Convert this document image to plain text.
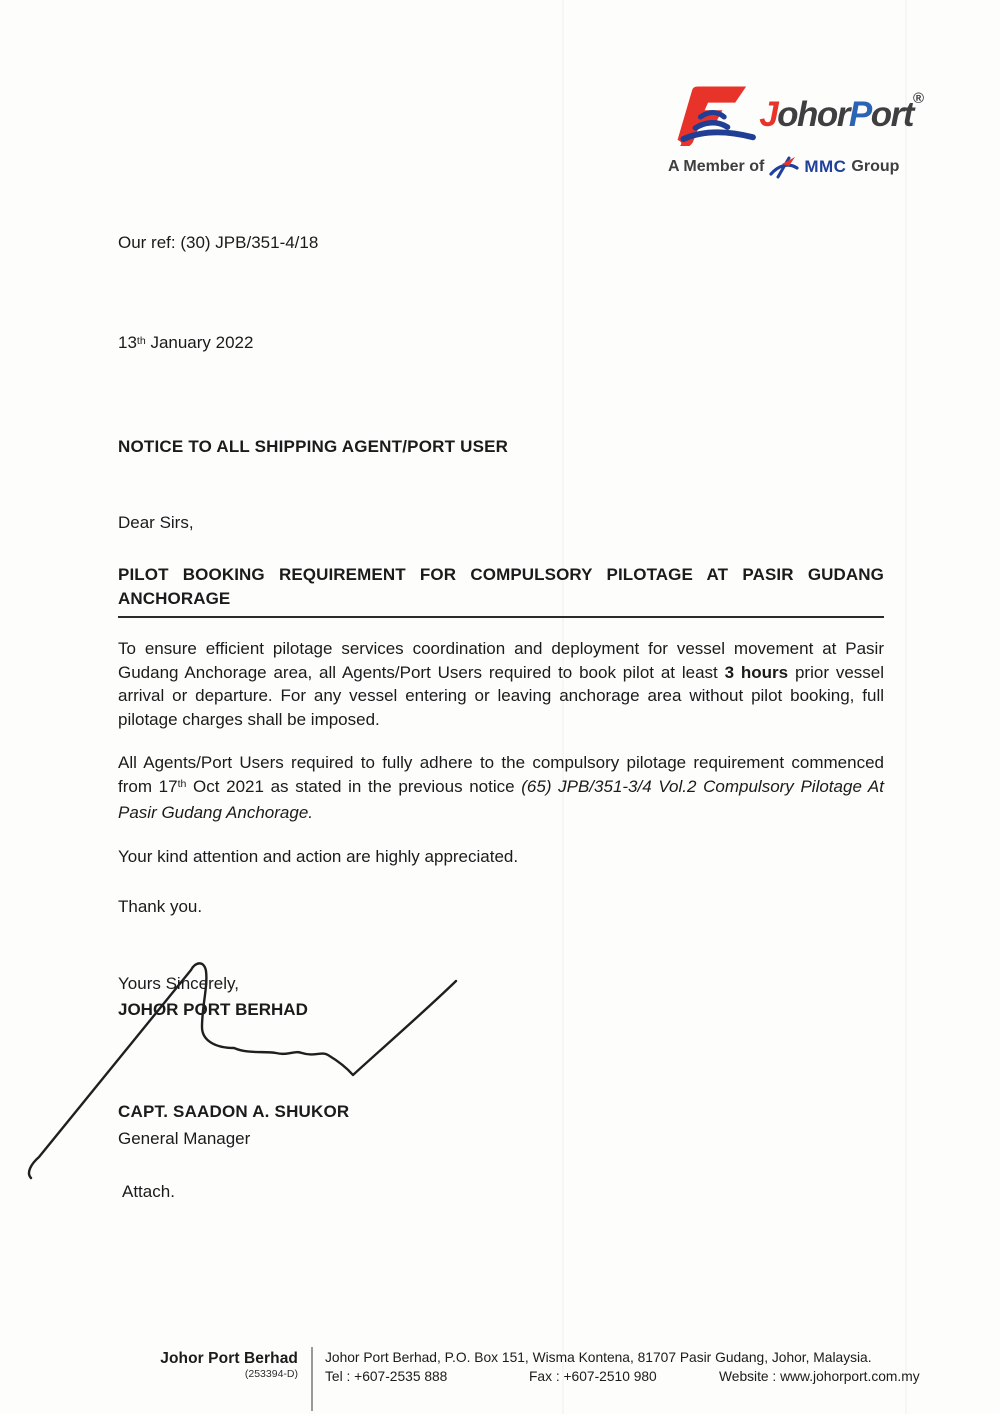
JohorPort®
A Member of MMC Group
Our ref: (30) JPB/351-4/18
13th January 2022
NOTICE TO ALL SHIPPING AGENT/PORT USER
Dear Sirs,
PILOT BOOKING REQUIREMENT FOR COMPULSORY PILOTAGE AT PASIR GUDANG ANCHORAGE
To ensure efficient pilotage services coordination and deployment for vessel movement at Pasir Gudang Anchorage area, all Agents/Port Users required to book pilot at least 3 hours prior vessel arrival or departure. For any vessel entering or leaving anchorage area without pilot booking, full pilotage charges shall be imposed.
All Agents/Port Users required to fully adhere to the compulsory pilotage requirement commenced from 17th Oct 2021 as stated in the previous notice (65) JPB/351-3/4 Vol.2 Compulsory Pilotage At Pasir Gudang Anchorage.
Your kind attention and action are highly appreciated.
Thank you.
Yours Sincerely,
JOHOR PORT BERHAD
CAPT. SAADON A. SHUKOR
General Manager
Attach.
Johor Port Berhad
(253394-D)
Johor Port Berhad, P.O. Box 151, Wisma Kontena, 81707 Pasir Gudang, Johor, Malaysia.
Tel : +607-2535 888	Fax : +607-2510 980	Website : www.johorport.com.my
